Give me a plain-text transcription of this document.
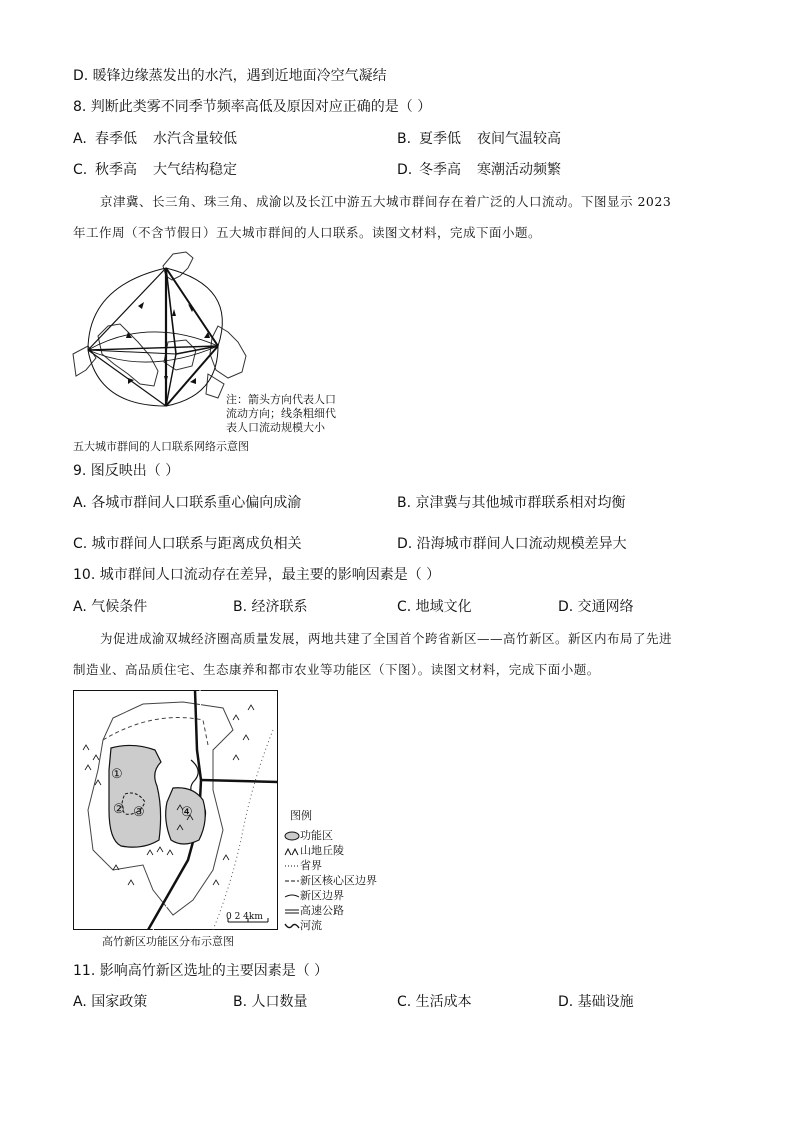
D. 暖锋边缘蒸发出的水汽，遇到近地面冷空气凝结
8. 判断此类雾不同季节频率高低及原因对应正确的是（ ）
A. 春季低 水汽含量较低	B. 夏季低 夜间气温较高
C. 秋季高 大气结构稳定	D. 冬季高 寒潮活动频繁
京津冀、长三角、珠三角、成渝以及长江中游五大城市群间存在着广泛的人口流动。下图显示 2023
年工作周（不含节假日）五大城市群间的人口联系。读图文材料，完成下面小题。
注：箭头方向代表人口
流动方向；线条粗细代
表人口流动规模大小
五大城市群间的人口联系网络示意图
9. 图反映出（ ）
A. 各城市群间人口联系重心偏向成渝	B. 京津冀与其他城市群联系相对均衡
C. 城市群间人口联系与距离成负相关	D. 沿海城市群间人口流动规模差异大
10. 城市群间人口流动存在差异，最主要的影响因素是（ ）
A. 气候条件	B. 经济联系	C. 地域文化	D. 交通网络
为促进成渝双城经济圈高质量发展，两地共建了全国首个跨省新区——高竹新区。新区内布局了先进
制造业、高品质住宅、生态康养和都市农业等功能区（下图）。读图文材料，完成下面小题。
①
② ③	④
0 2 4km
图例
功能区
山地丘陵
省界
新区核心区边界
新区边界
高速公路
河流
高竹新区功能区分布示意图
11. 影响高竹新区选址的主要因素是（ ）
A. 国家政策	B. 人口数量	C. 生活成本	D. 基础设施
